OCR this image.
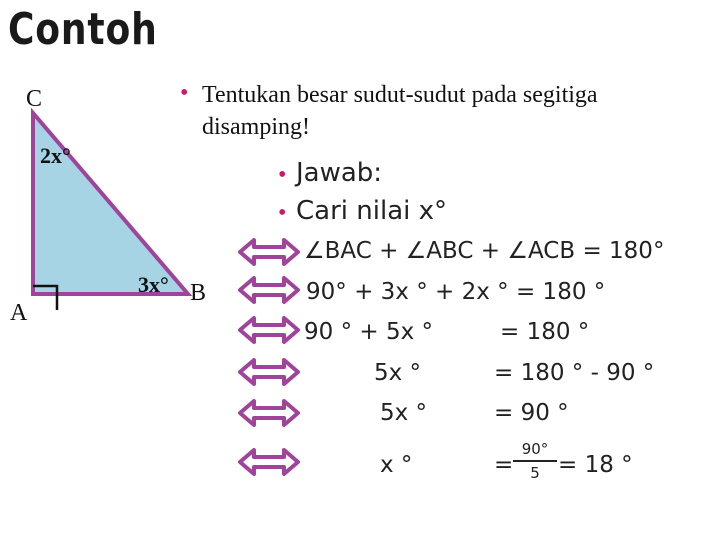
Contoh
C
A
B
2x°
3x°
• Tentukan besar sudut-sudut pada segitiga
disamping!
• Jawab:
• Cari nilai x°
∠BAC + ∠ABC + ∠ACB = 180°
90° + 3x ° + 2x ° = 180 °
90 ° + 5x °	= 180 °
5x °	= 180 ° - 90 °
5x °	= 90 °
x °	=
90°
5 = 18 °
